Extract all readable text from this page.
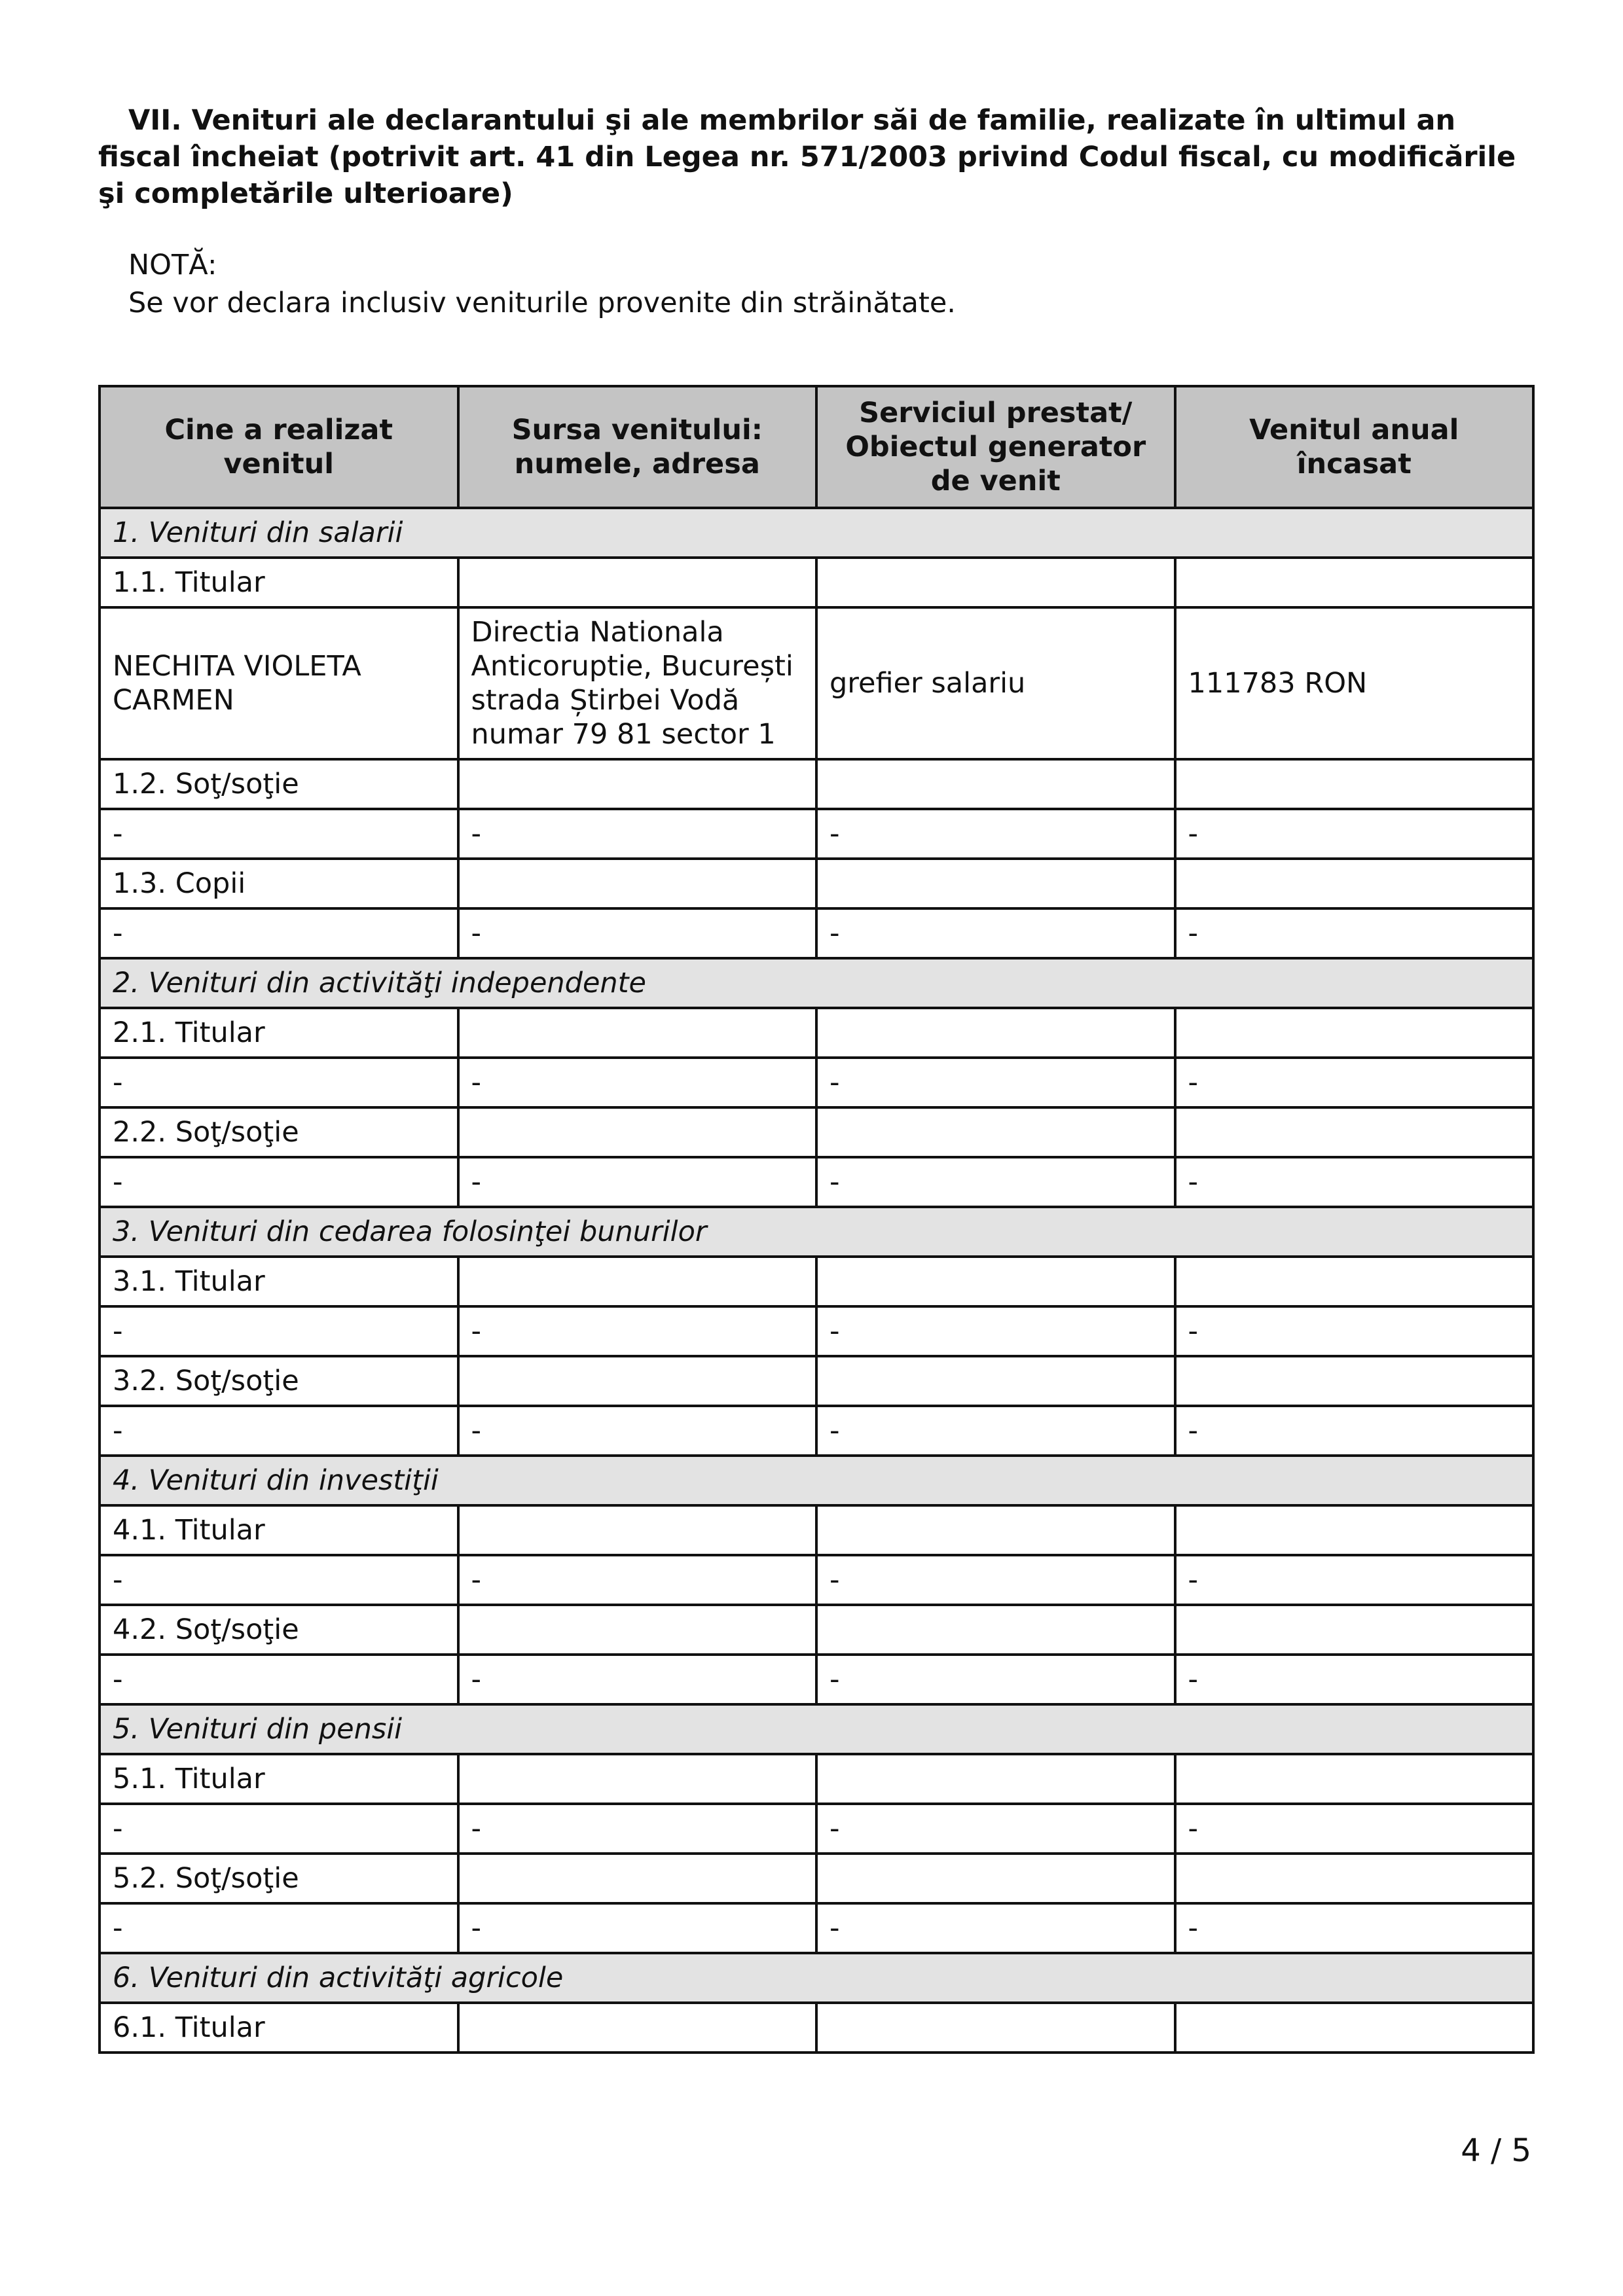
VII. Venituri ale declarantului şi ale membrilor săi de familie, realizate în ultimul an fiscal încheiat (potrivit art. 41 din Legea nr. 571/2003 privind Codul fiscal, cu modificările şi completările ulterioare)

NOTĂ:
Se vor declara inclusiv veniturile provenite din străinătate.
Cine a realizat venitul	Sursa venitului: numele, adresa	Serviciul prestat/ Obiectul generator de venit	Venitul anual încasat
1. Venituri din salarii			
1.1. Titular			
NECHITA VIOLETA CARMEN	Directia Nationala Anticoruptie, București strada Știrbei Vodă numar 79 81 sector 1	grefier salariu	111783 RON
1.2. Soţ/soţie			
-	-	-	-
1.3. Copii			
-	-	-	-
2. Venituri din activităţi independente			
2.1. Titular			
-	-	-	-
2.2. Soţ/soţie			
-	-	-	-
3. Venituri din cedarea folosinţei bunurilor			
3.1. Titular			
-	-	-	-
3.2. Soţ/soţie			
-	-	-	-
4. Venituri din investiţii			
4.1. Titular			
-	-	-	-
4.2. Soţ/soţie			
-	-	-	-
5. Venituri din pensii			
5.1. Titular			
-	-	-	-
5.2. Soţ/soţie			
-	-	-	-
6. Venituri din activităţi agricole			
6.1. Titular			
4 / 5
